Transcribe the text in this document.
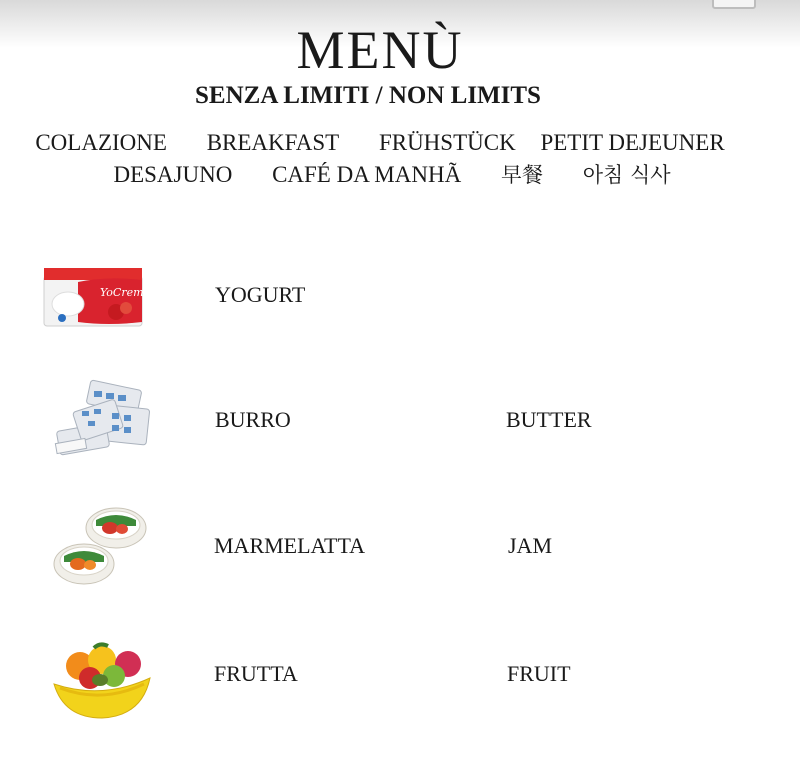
MENÙ
SENZA LIMITI / NON LIMITS
COLAZIONE BREAKFAST FRÜHSTÜCK PETIT DEJEUNER
DESAJUNO CAFÉ DA MANHÃ 早餐 아침 식사
YoCrem	YOGURT
BURRO	BUTTER
MARMELATTA	JAM
FRUTTA	FRUIT
